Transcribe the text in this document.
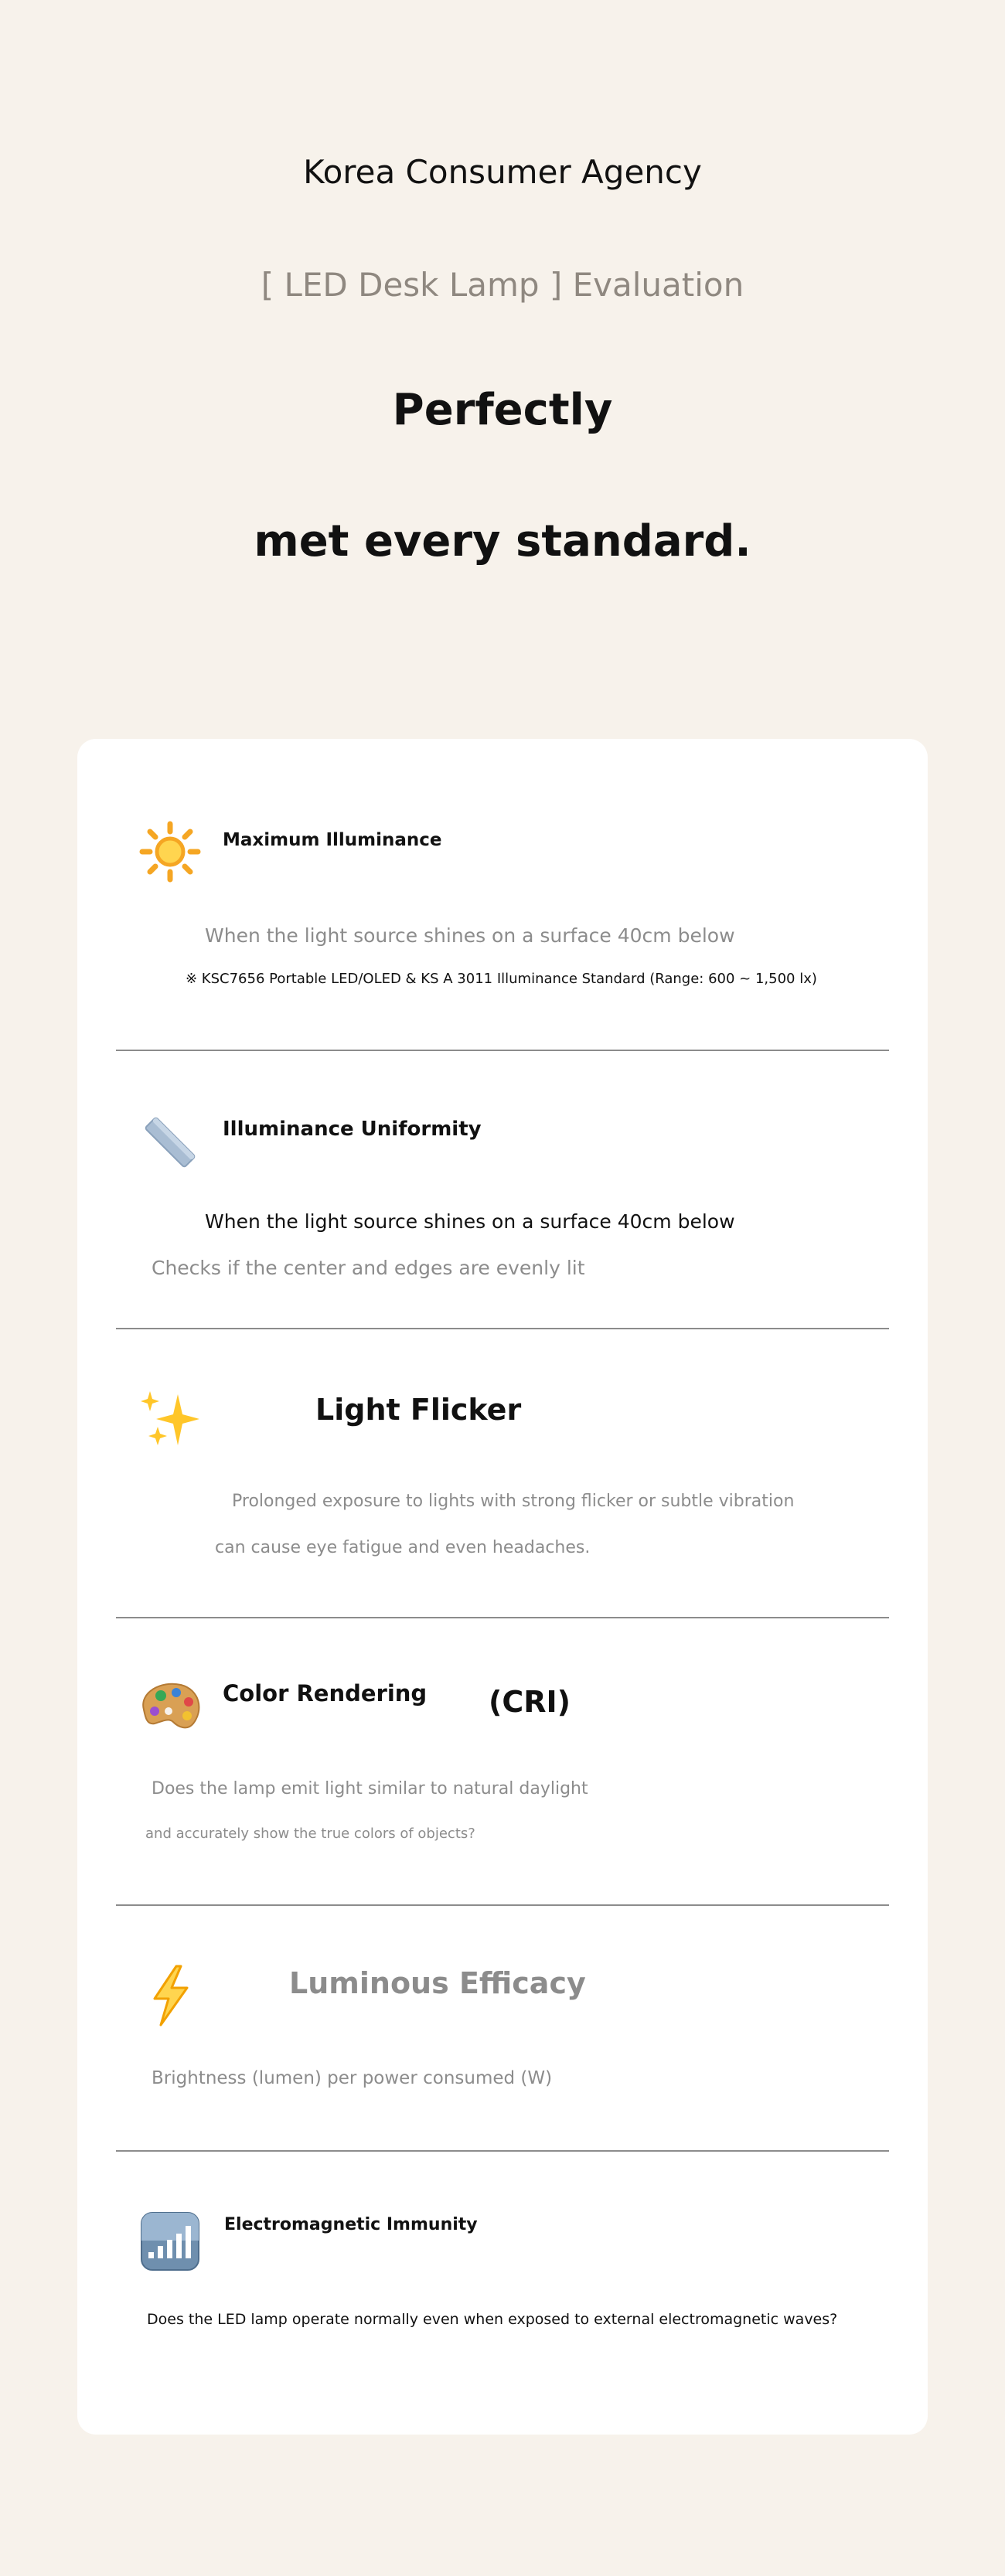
Korea Consumer Agency
[ LED Desk Lamp ] Evaluation
Perfectly
met every standard.
Maximum Illuminance
When the light source shines on a surface 40cm below
※ KSC7656 Portable LED/OLED & KS A 3011 Illuminance Standard (Range: 600 ~ 1,500 lx)
Illuminance Uniformity
When the light source shines on a surface 40cm below
Checks if the center and edges are evenly lit
Light Flicker
Prolonged exposure to lights with strong flicker or subtle vibration
can cause eye fatigue and even headaches.
Color Rendering (CRI)
Does the lamp emit light similar to natural daylight
and accurately show the true colors of objects?
Luminous Efficacy
Brightness (lumen) per power consumed (W)
Electromagnetic Immunity
Does the LED lamp operate normally even when exposed to external electromagnetic waves?
